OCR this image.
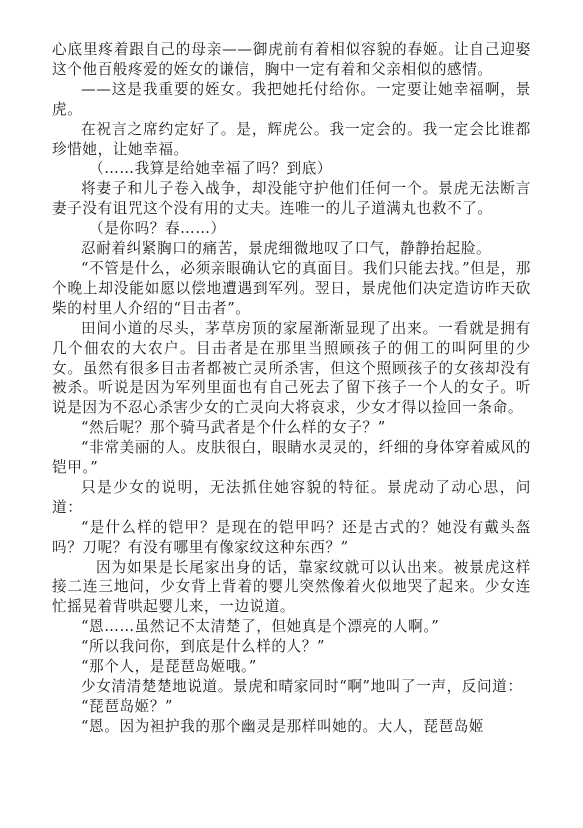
心底里疼着跟自己的母亲——御虎前有着相似容貌的春姬。让自己迎娶这个他百般疼爱的姪女的谦信，胸中一定有着和父亲相似的感情。

——这是我重要的姪女。我把她托付给你。一定要让她幸福啊，景虎。

在祝言之席约定好了。是，辉虎公。我一定会的。我一定会比谁都珍惜她，让她幸福。

（……我算是给她幸福了吗？到底）

将妻子和儿子卷入战争，却没能守护他们任何一个。景虎无法断言妻子没有诅咒这个没有用的丈夫。连唯一的儿子道满丸也救不了。

（是你吗？春……）

忍耐着纠紧胸口的痛苦，景虎细微地叹了口气，静静抬起脸。

“不管是什么，必须亲眼确认它的真面目。我们只能去找。”但是，那个晚上却没能如愿以偿地遭遇到军列。翌日，景虎他们决定造访昨天砍柴的村里人介绍的“目击者”。

田间小道的尽头，茅草房顶的家屋渐渐显现了出来。一看就是拥有几个佃农的大农户。目击者是在那里当照顾孩子的佣工的叫阿里的少女。虽然有很多目击者都被亡灵所杀害，但这个照顾孩子的女孩却没有被杀。听说是因为军列里面也有自己死去了留下孩子一个人的女子。听说是因为不忍心杀害少女的亡灵向大将哀求，少女才得以捡回一条命。

“然后呢？那个骑马武者是个什么样的女子？”

“非常美丽的人。皮肤很白，眼睛水灵灵的，纤细的身体穿着威风的铠甲。”

只是少女的说明，无法抓住她容貌的特征。景虎动了动心思，问道：

“是什么样的铠甲？是现在的铠甲吗？还是古式的？她没有戴头盔吗？刀呢？有没有哪里有像家纹这种东西？”

因为如果是长尾家出身的话，靠家纹就可以认出来。被景虎这样接二连三地问，少女背上背着的婴儿突然像着火似地哭了起来。少女连忙摇晃着背哄起婴儿来，一边说道。

“恩……虽然记不太清楚了，但她真是个漂亮的人啊。”

“所以我问你，到底是什么样的人？”

“那个人，是琵琶岛姬哦。”

少女清清楚楚地说道。景虎和晴家同时“啊”地叫了一声，反问道：

“琵琶岛姬？”

“恩。因为袒护我的那个幽灵是那样叫她的。大人，琵琶岛姬
